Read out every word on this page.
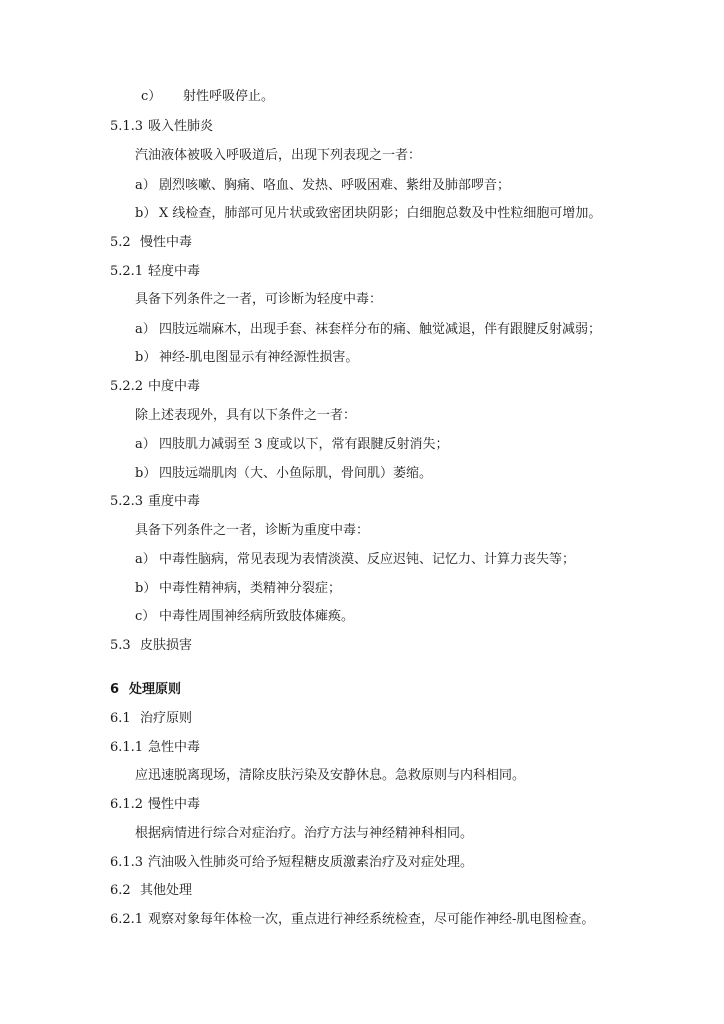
c） 射性呼吸停止。
5.1.3 吸入性肺炎
汽油液体被吸入呼吸道后，出现下列表现之一者：
a） 剧烈咳嗽、胸痛、咯血、发热、呼吸困难、紫绀及肺部啰音；
b） X 线检查，肺部可见片状或致密团块阴影；白细胞总数及中性粒细胞可增加。
5.2 慢性中毒
5.2.1 轻度中毒
具备下列条件之一者，可诊断为轻度中毒：
a） 四肢远端麻木，出现手套、袜套样分布的痛、触觉减退，伴有跟腱反射减弱；
b） 神经-肌电图显示有神经源性损害。
5.2.2 中度中毒
除上述表现外，具有以下条件之一者：
a） 四肢肌力减弱至 3 度或以下，常有跟腱反射消失；
b） 四肢远端肌肉（大、小鱼际肌，骨间肌）萎缩。
5.2.3 重度中毒
具备下列条件之一者，诊断为重度中毒：
a） 中毒性脑病，常见表现为表情淡漠、反应迟钝、记忆力、计算力丧失等；
b） 中毒性精神病，类精神分裂症；
c） 中毒性周围神经病所致肢体瘫痪。
5.3 皮肤损害
6 处理原则
6.1 治疗原则
6.1.1 急性中毒
应迅速脱离现场，清除皮肤污染及安静休息。急救原则与内科相同。
6.1.2 慢性中毒
根据病情进行综合对症治疗。治疗方法与神经精神科相同。
6.1.3 汽油吸入性肺炎可给予短程糖皮质激素治疗及对症处理。
6.2 其他处理
6.2.1 观察对象每年体检一次，重点进行神经系统检查，尽可能作神经-肌电图检查。
